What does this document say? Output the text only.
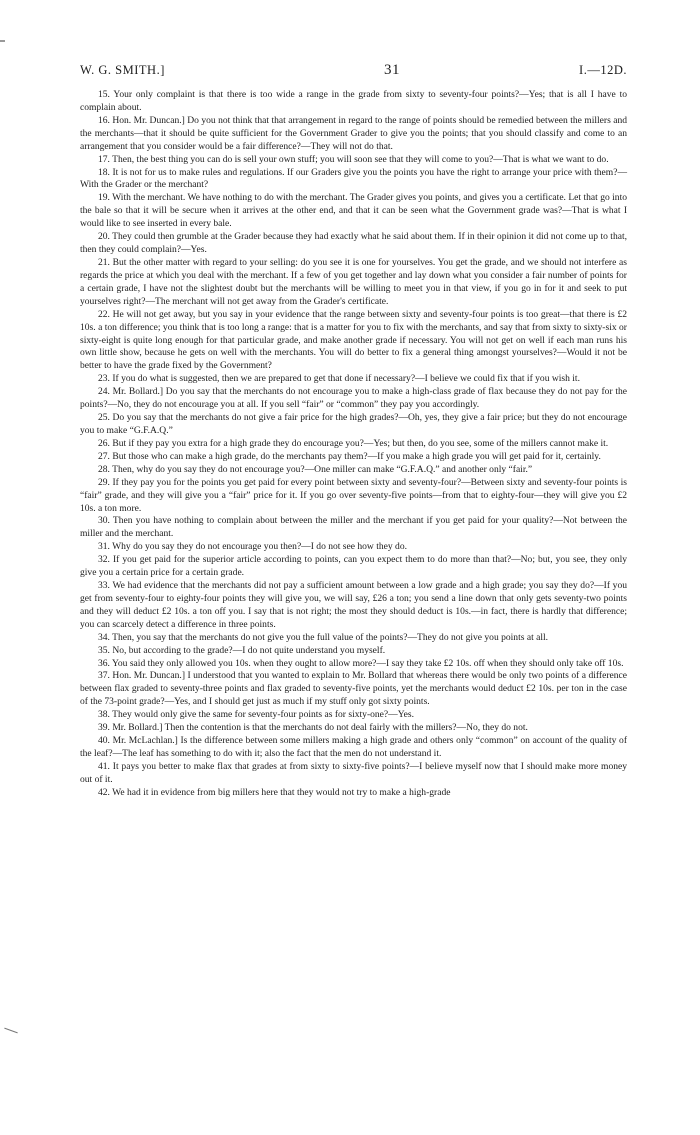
W. G. SMITH.]	31	I.—12D.

15. Your only complaint is that there is too wide a range in the grade from sixty to seventy-four points?—Yes; that is all I have to complain about.

16. Hon. Mr. Duncan.] Do you not think that that arrangement in regard to the range of points should be remedied between the millers and the merchants—that it should be quite sufficient for the Government Grader to give you the points; that you should classify and come to an arrangement that you consider would be a fair difference?—They will not do that.

17. Then, the best thing you can do is sell your own stuff; you will soon see that they will come to you?—That is what we want to do.

18. It is not for us to make rules and regulations. If our Graders give you the points you have the right to arrange your price with them?—With the Grader or the merchant?

19. With the merchant. We have nothing to do with the merchant. The Grader gives you points, and gives you a certificate. Let that go into the bale so that it will be secure when it arrives at the other end, and that it can be seen what the Government grade was?—That is what I would like to see inserted in every bale.

20. They could then grumble at the Grader because they had exactly what he said about them. If in their opinion it did not come up to that, then they could complain?—Yes.

21. But the other matter with regard to your selling: do you see it is one for yourselves. You get the grade, and we should not interfere as regards the price at which you deal with the merchant. If a few of you get together and lay down what you consider a fair number of points for a certain grade, I have not the slightest doubt but the merchants will be willing to meet you in that view, if you go in for it and seek to put yourselves right?—The merchant will not get away from the Grader's certificate.

22. He will not get away, but you say in your evidence that the range between sixty and seventy-four points is too great—that there is £2 10s. a ton difference; you think that is too long a range: that is a matter for you to fix with the merchants, and say that from sixty to sixty-six or sixty-eight is quite long enough for that particular grade, and make another grade if necessary. You will not get on well if each man runs his own little show, because he gets on well with the merchants. You will do better to fix a general thing amongst yourselves?—Would it not be better to have the grade fixed by the Government?

23. If you do what is suggested, then we are prepared to get that done if necessary?—I believe we could fix that if you wish it.

24. Mr. Bollard.] Do you say that the merchants do not encourage you to make a high-class grade of flax because they do not pay for the points?—No, they do not encourage you at all. If you sell “fair” or “common” they pay you accordingly.

25. Do you say that the merchants do not give a fair price for the high grades?—Oh, yes, they give a fair price; but they do not encourage you to make “G.F.A.Q.”

26. But if they pay you extra for a high grade they do encourage you?—Yes; but then, do you see, some of the millers cannot make it.

27. But those who can make a high grade, do the merchants pay them?—If you make a high grade you will get paid for it, certainly.

28. Then, why do you say they do not encourage you?—One miller can make “G.F.A.Q.” and another only “fair.”

29. If they pay you for the points you get paid for every point between sixty and seventy-four?—Between sixty and seventy-four points is “fair” grade, and they will give you a “fair” price for it. If you go over seventy-five points—from that to eighty-four—they will give you £2 10s. a ton more.

30. Then you have nothing to complain about between the miller and the merchant if you get paid for your quality?—Not between the miller and the merchant.

31. Why do you say they do not encourage you then?—I do not see how they do.

32. If you get paid for the superior article according to points, can you expect them to do more than that?—No; but, you see, they only give you a certain price for a certain grade.

33. We had evidence that the merchants did not pay a sufficient amount between a low grade and a high grade; you say they do?—If you get from seventy-four to eighty-four points they will give you, we will say, £26 a ton; you send a line down that only gets seventy-two points and they will deduct £2 10s. a ton off you. I say that is not right; the most they should deduct is 10s.—in fact, there is hardly that difference; you can scarcely detect a difference in three points.

34. Then, you say that the merchants do not give you the full value of the points?—They do not give you points at all.

35. No, but according to the grade?—I do not quite understand you myself.

36. You said they only allowed you 10s. when they ought to allow more?—I say they take £2 10s. off when they should only take off 10s.

37. Hon. Mr. Duncan.] I understood that you wanted to explain to Mr. Bollard that whereas there would be only two points of a difference between flax graded to seventy-three points and flax graded to seventy-five points, yet the merchants would deduct £2 10s. per ton in the case of the 73-point grade?—Yes, and I should get just as much if my stuff only got sixty points.

38. They would only give the same for seventy-four points as for sixty-one?—Yes.

39. Mr. Bollard.] Then the contention is that the merchants do not deal fairly with the millers?—No, they do not.

40. Mr. McLachlan.] Is the difference between some millers making a high grade and others only “common” on account of the quality of the leaf?—The leaf has something to do with it; also the fact that the men do not understand it.

41. It pays you better to make flax that grades at from sixty to sixty-five points?—I believe myself now that I should make more money out of it.

42. We had it in evidence from big millers here that they would not try to make a high-grade
